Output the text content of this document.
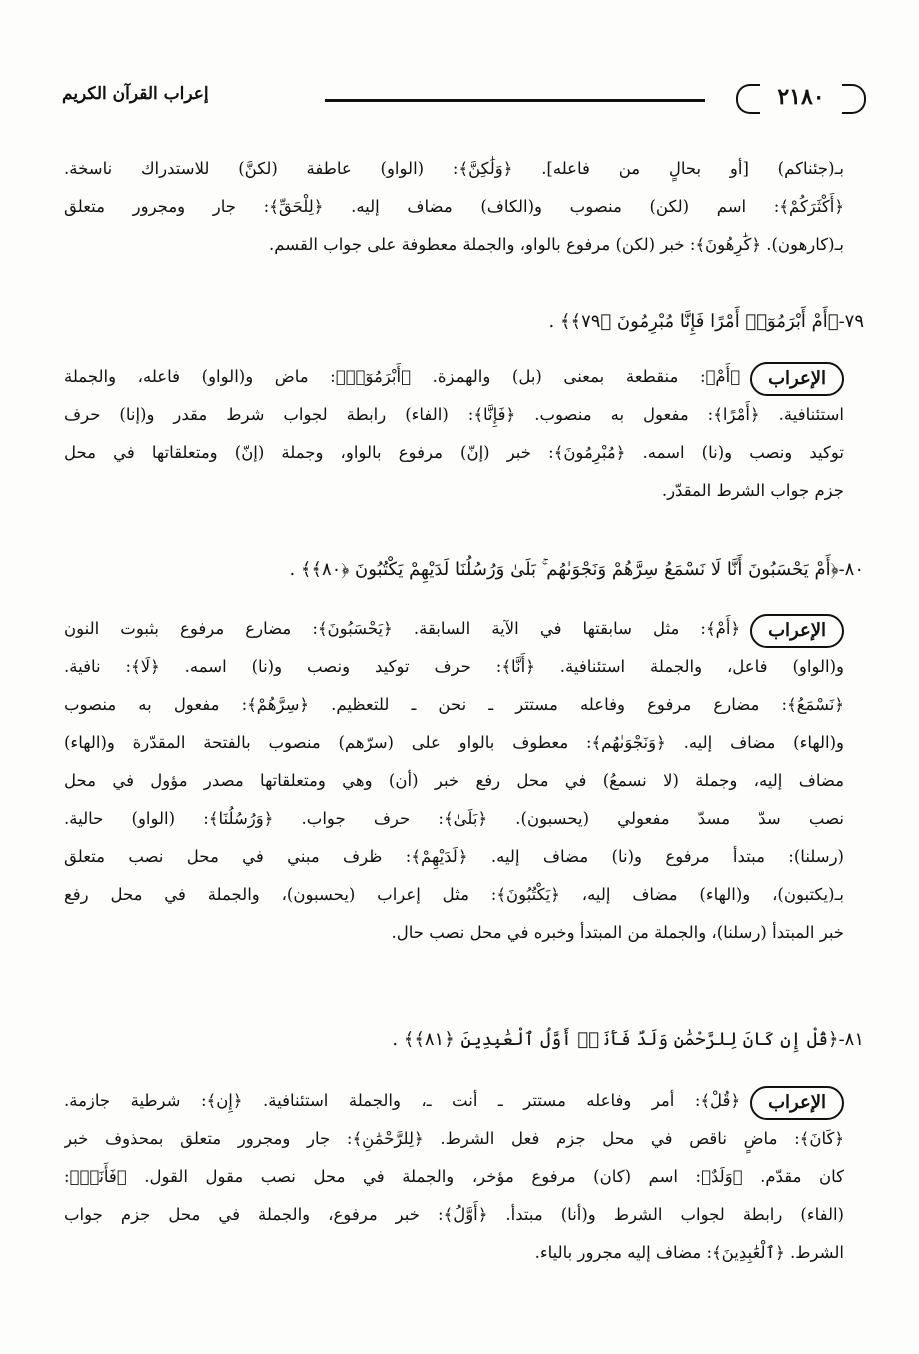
إعراب القرآن الكريم	٢١٨٠
بـ(جئناكم) [أو بحالٍ من فاعله]. ﴿وَلَٰكِنَّ﴾: (الواو) عاطفة (لكنَّ) للاستدراك ناسخة.
﴿أَكْثَرَكُمْ﴾: اسم (لكن) منصوب و(الكاف) مضاف إليه. ﴿لِلْحَقِّ﴾: جار ومجرور متعلق
بـ(كارهون). ﴿كَٰرِهُونَ﴾: خبر (لكن) مرفوع بالواو، والجملة معطوفة على جواب القسم.
٧٩-﴿أَمْ أَبْرَمُوٓا۟ أَمْرًا فَإِنَّا مُبْرِمُونَ ﴿٧٩﴾﴾ .
الإعراب
﴿أَمْ﴾: منقطعة بمعنى (بل) والهمزة. ﴿أَبْرَمُوٓا۟﴾: ماض و(الواو) فاعله، والجملة
استئنافية. ﴿أَمْرًا﴾: مفعول به منصوب. ﴿فَإِنَّا﴾: (الفاء) رابطة لجواب شرط مقدر و(إنا) حرف
توكيد ونصب و(نا) اسمه. ﴿مُبْرِمُونَ﴾: خبر (إنّ) مرفوع بالواو، وجملة (إنّ) ومتعلقاتها في محل
جزم جواب الشرط المقدّر.
٨٠-﴿أَمْ يَحْسَبُونَ أَنَّا لَا نَسْمَعُ سِرَّهُمْ وَنَجْوَىٰهُم ۚ بَلَىٰ وَرُسُلُنَا لَدَيْهِمْ يَكْتُبُونَ ﴿٨٠﴾﴾ .
الإعراب
﴿أَمْ﴾: مثل سابقتها في الآية السابقة. ﴿يَحْسَبُونَ﴾: مضارع مرفوع بثبوت النون
و(الواو) فاعل، والجملة استئنافية. ﴿أَنَّا﴾: حرف توكيد ونصب و(نا) اسمه. ﴿لَا﴾: نافية.
﴿نَسْمَعُ﴾: مضارع مرفوع وفاعله مستتر ـ نحن ـ للتعظيم. ﴿سِرَّهُمْ﴾: مفعول به منصوب
و(الهاء) مضاف إليه. ﴿وَنَجْوَىٰهُم﴾: معطوف بالواو على (سرّهم) منصوب بالفتحة المقدّرة و(الهاء)
مضاف إليه، وجملة (لا نسمعُ) في محل رفع خبر (أن) وهي ومتعلقاتها مصدر مؤول في محل
نصب سدّ مسدّ مفعولي (يحسبون). ﴿بَلَىٰ﴾: حرف جواب. ﴿وَرُسُلُنَا﴾: (الواو) حالية.
(رسلنا): مبتدأ مرفوع و(نا) مضاف إليه. ﴿لَدَيْهِمْ﴾: ظرف مبني في محل نصب متعلق
بـ(يكتبون)، و(الهاء) مضاف إليه، ﴿يَكْتُبُونَ﴾: مثل إعراب (يحسبون)، والجملة في محل رفع
خبر المبتدأ (رسلنا)، والجملة من المبتدأ وخبره في محل نصب حال.
٨١-﴿قُلْ إِن كَانَ لِلرَّحْمَٰنِ وَلَدٌ فَأَنَا۠ أَوَّلُ ٱلْعَٰبِدِينَ ﴿٨١﴾﴾ .
الإعراب
﴿قُلْ﴾: أمر وفاعله مستتر ـ أنت ـ، والجملة استئنافية. ﴿إِن﴾: شرطية جازمة.
﴿كَانَ﴾: ماضٍ ناقص في محل جزم فعل الشرط. ﴿لِلرَّحْمَٰنِ﴾: جار ومجرور متعلق بمحذوف خبر
كان مقدّم. ﴿وَلَدٌ﴾: اسم (كان) مرفوع مؤخر، والجملة في محل نصب مقول القول. ﴿فَأَنَا۠﴾:
(الفاء) رابطة لجواب الشرط و(أنا) مبتدأ. ﴿أَوَّلُ﴾: خبر مرفوع، والجملة في محل جزم جواب
الشرط. ﴿ٱلْعَٰبِدِينَ﴾: مضاف إليه مجرور بالياء.
